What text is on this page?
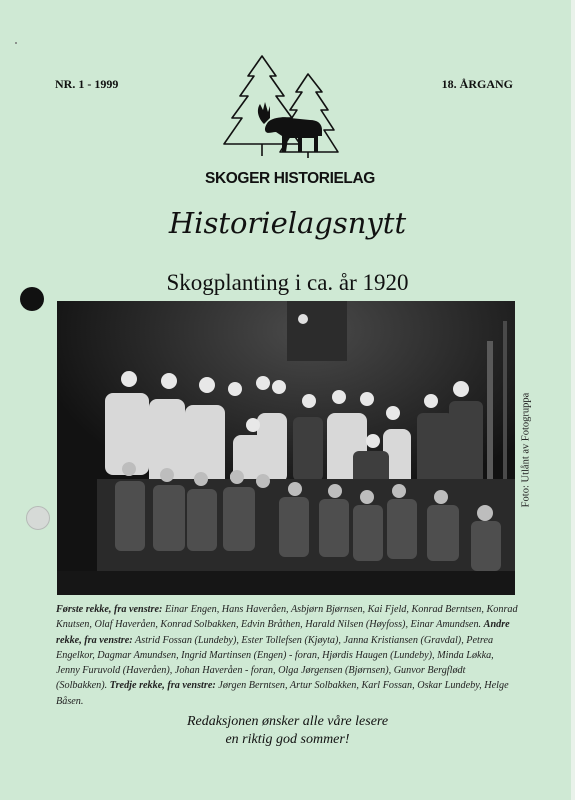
NR. 1 - 1999	18. ÅRGANG
SKOGER HISTORIELAG
Historielagsnytt
Skogplanting i ca. år 1920
Foto: Utlånt av Fotogruppa
Første rekke, fra venstre: Einar Engen, Hans Haveråen, Asbjørn Bjørnsen, Kai Fjeld, Konrad Berntsen, Konrad Knutsen, Olaf Haveråen, Konrad Solbakken, Edvin Bråthen, Harald Nilsen (Høyfoss), Einar Amundsen. Andre rekke, fra venstre: Astrid Fossan (Lundeby), Ester Tollefsen (Kjøyta), Janna Kristiansen (Gravdal), Petrea Engelkor, Dagmar Amundsen, Ingrid Martinsen (Engen) - foran, Hjørdis Haugen (Lundeby), Minda Løkka, Jenny Furuvold (Haveråen), Johan Haveråen - foran, Olga Jørgensen (Bjørnsen), Gunvor Bergflødt (Solbakken). Tredje rekke, fra venstre: Jørgen Berntsen, Artur Solbakken, Karl Fossan, Oskar Lundeby, Helge Båsen.
Redaksjonen ønsker alle våre lesere
en riktig god sommer!
